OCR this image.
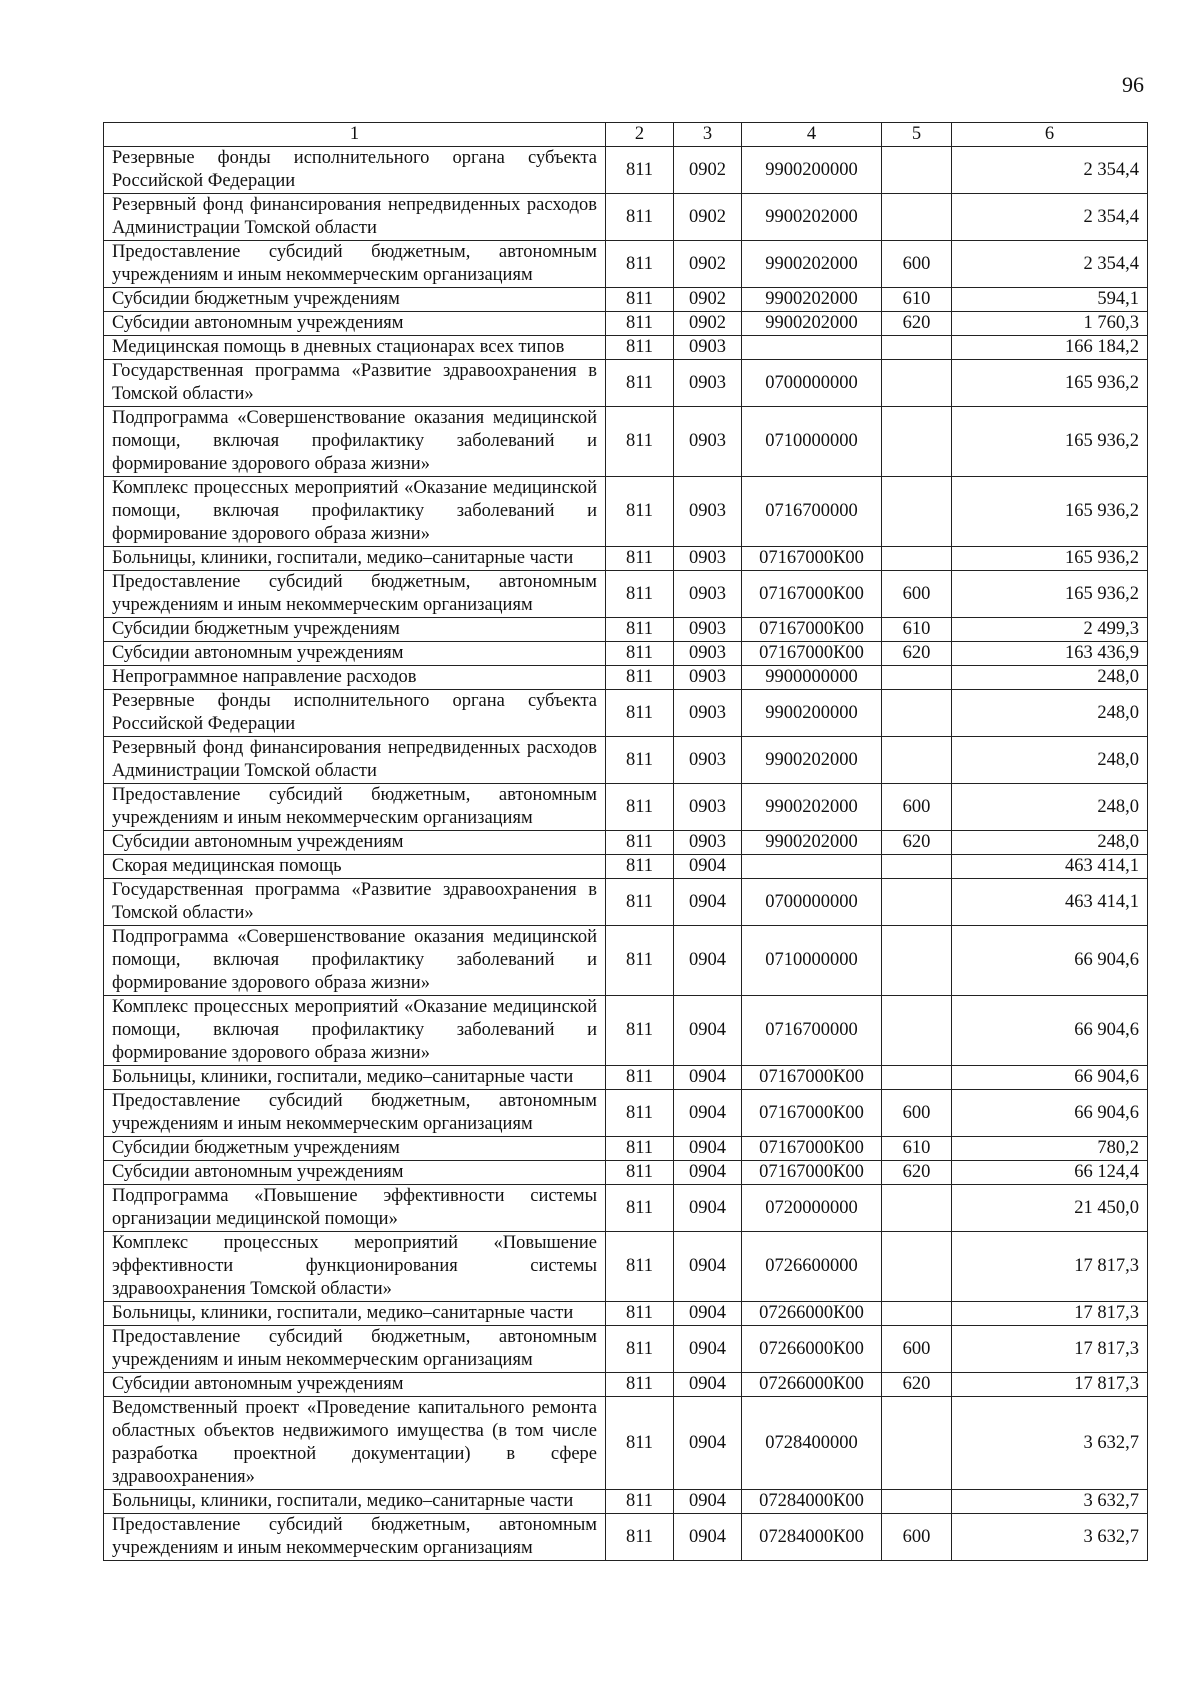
96
1	2	3	4	5	6
Резервные фонды исполнительного органа субъекта Российской Федерации	811	0902	9900200000		2 354,4
Резервный фонд финансирования непредвиденных расходов Администрации Томской области	811	0902	9900202000		2 354,4
Предоставление субсидий бюджетным, автономным учреждениям и иным некоммерческим организациям	811	0902	9900202000	600	2 354,4
Субсидии бюджетным учреждениям	811	0902	9900202000	610	594,1
Субсидии автономным учреждениям	811	0902	9900202000	620	1 760,3
Медицинская помощь в дневных стационарах всех типов	811	0903			166 184,2
Государственная программа «Развитие здравоохранения в Томской области»	811	0903	0700000000		165 936,2
Подпрограмма «Совершенствование оказания медицинской помощи, включая профилактику заболеваний и формирование здорового образа жизни»	811	0903	0710000000		165 936,2
Комплекс процессных мероприятий «Оказание медицинской помощи, включая профилактику заболеваний и формирование здорового образа жизни»	811	0903	0716700000		165 936,2
Больницы, клиники, госпитали, медико–санитарные части	811	0903	07167000К00		165 936,2
Предоставление субсидий бюджетным, автономным учреждениям и иным некоммерческим организациям	811	0903	07167000К00	600	165 936,2
Субсидии бюджетным учреждениям	811	0903	07167000К00	610	2 499,3
Субсидии автономным учреждениям	811	0903	07167000К00	620	163 436,9
Непрограммное направление расходов	811	0903	9900000000		248,0
Резервные фонды исполнительного органа субъекта Российской Федерации	811	0903	9900200000		248,0
Резервный фонд финансирования непредвиденных расходов Администрации Томской области	811	0903	9900202000		248,0
Предоставление субсидий бюджетным, автономным учреждениям и иным некоммерческим организациям	811	0903	9900202000	600	248,0
Субсидии автономным учреждениям	811	0903	9900202000	620	248,0
Скорая медицинская помощь	811	0904			463 414,1
Государственная программа «Развитие здравоохранения в Томской области»	811	0904	0700000000		463 414,1
Подпрограмма «Совершенствование оказания медицинской помощи, включая профилактику заболеваний и формирование здорового образа жизни»	811	0904	0710000000		66 904,6
Комплекс процессных мероприятий «Оказание медицинской помощи, включая профилактику заболеваний и формирование здорового образа жизни»	811	0904	0716700000		66 904,6
Больницы, клиники, госпитали, медико–санитарные части	811	0904	07167000К00		66 904,6
Предоставление субсидий бюджетным, автономным учреждениям и иным некоммерческим организациям	811	0904	07167000К00	600	66 904,6
Субсидии бюджетным учреждениям	811	0904	07167000К00	610	780,2
Субсидии автономным учреждениям	811	0904	07167000К00	620	66 124,4
Подпрограмма «Повышение эффективности системы организации медицинской помощи»	811	0904	0720000000		21 450,0
Комплекс процессных мероприятий «Повышение эффективности функционирования системы здравоохранения Томской области»	811	0904	0726600000		17 817,3
Больницы, клиники, госпитали, медико–санитарные части	811	0904	07266000К00		17 817,3
Предоставление субсидий бюджетным, автономным учреждениям и иным некоммерческим организациям	811	0904	07266000К00	600	17 817,3
Субсидии автономным учреждениям	811	0904	07266000К00	620	17 817,3
Ведомственный проект «Проведение капитального ремонта областных объектов недвижимого имущества (в том числе разработка проектной документации) в сфере здравоохранения»	811	0904	0728400000		3 632,7
Больницы, клиники, госпитали, медико–санитарные части	811	0904	07284000К00		3 632,7
Предоставление субсидий бюджетным, автономным учреждениям и иным некоммерческим организациям	811	0904	07284000К00	600	3 632,7
